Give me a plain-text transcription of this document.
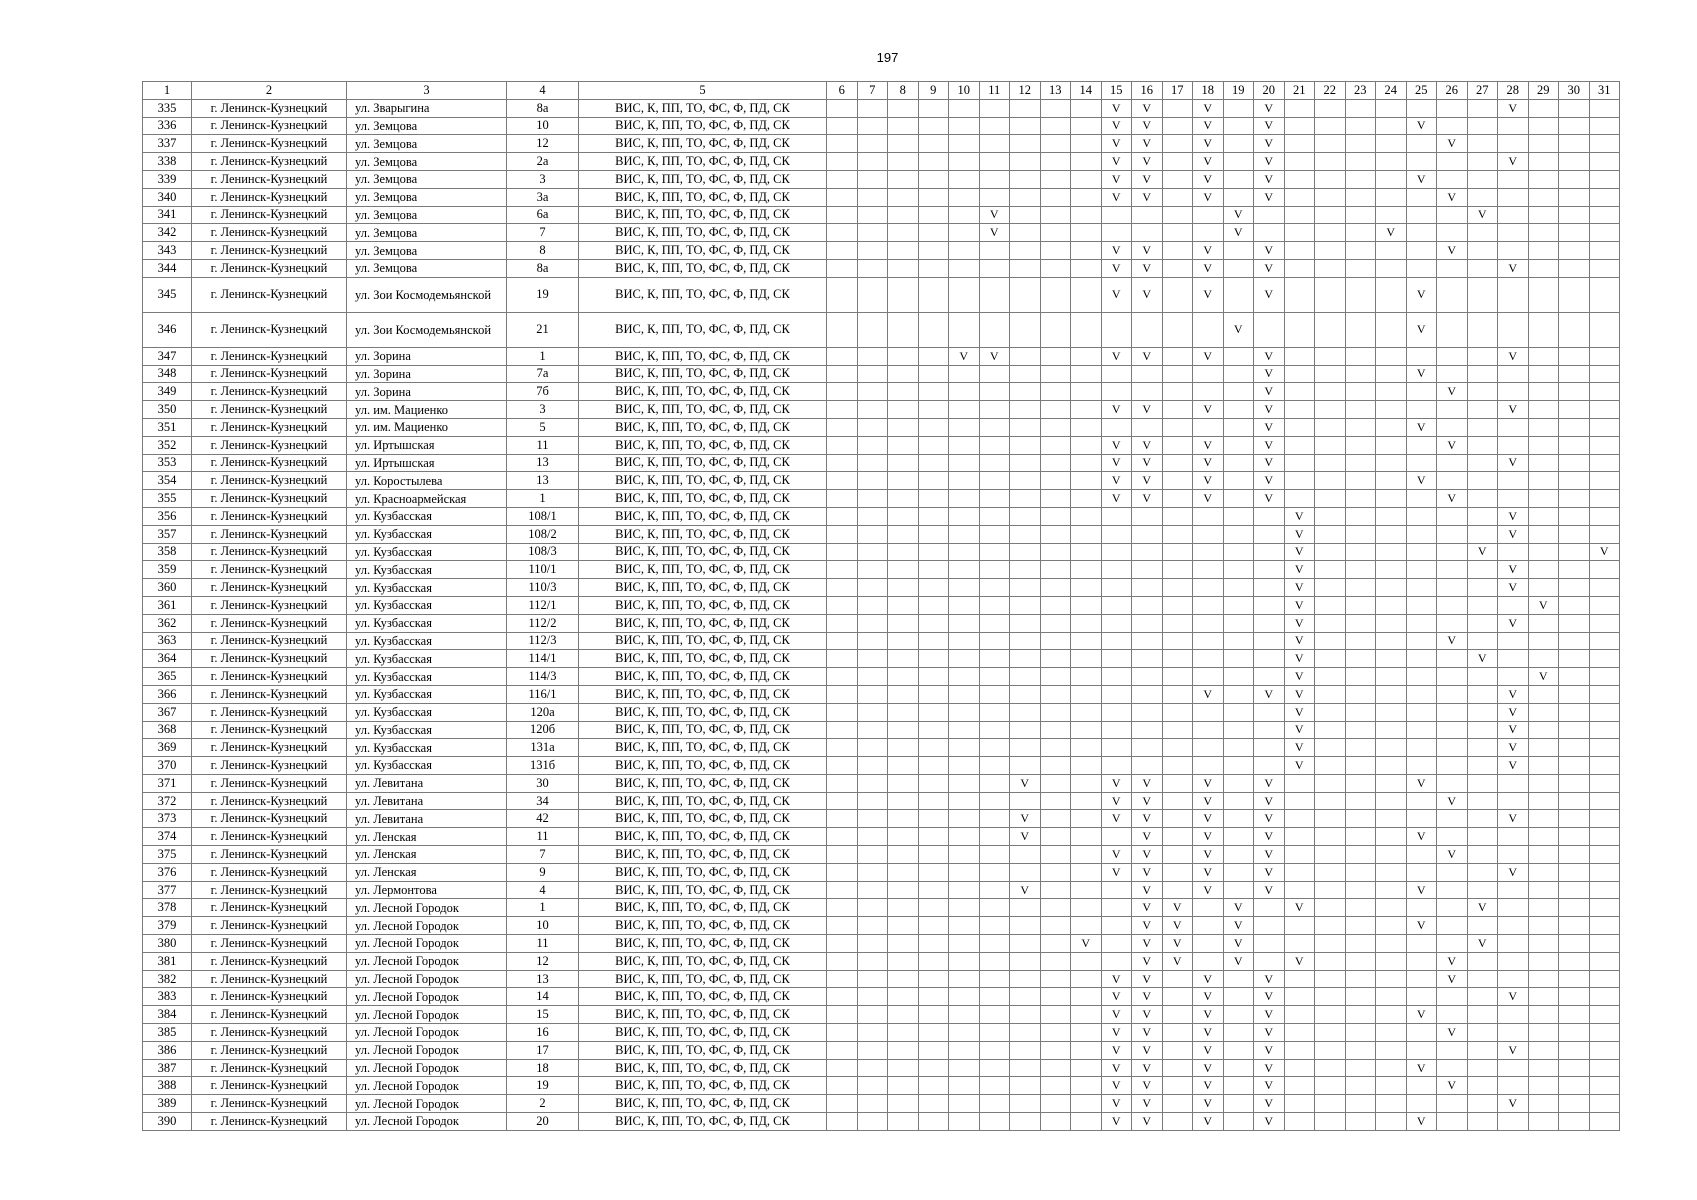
197
1	2	3	4	5	6	7	8	9	10	11	12	13	14	15	16	17	18	19	20	21	22	23	24	25	26	27	28	29	30	31
335	г. Ленинск-Кузнецкий	ул. Зварыгина	8а	ВИС, К, ПП, ТО, ФС, Ф, ПД, СК										V	V		V		V								V			
336	г. Ленинск-Кузнецкий	ул. Земцова	10	ВИС, К, ПП, ТО, ФС, Ф, ПД, СК										V	V		V		V					V						
337	г. Ленинск-Кузнецкий	ул. Земцова	12	ВИС, К, ПП, ТО, ФС, Ф, ПД, СК										V	V		V		V						V					
338	г. Ленинск-Кузнецкий	ул. Земцова	2а	ВИС, К, ПП, ТО, ФС, Ф, ПД, СК										V	V		V		V								V			
339	г. Ленинск-Кузнецкий	ул. Земцова	3	ВИС, К, ПП, ТО, ФС, Ф, ПД, СК										V	V		V		V					V						
340	г. Ленинск-Кузнецкий	ул. Земцова	3а	ВИС, К, ПП, ТО, ФС, Ф, ПД, СК										V	V		V		V						V					
341	г. Ленинск-Кузнецкий	ул. Земцова	6а	ВИС, К, ПП, ТО, ФС, Ф, ПД, СК						V								V								V				
342	г. Ленинск-Кузнецкий	ул. Земцова	7	ВИС, К, ПП, ТО, ФС, Ф, ПД, СК						V								V					V							
343	г. Ленинск-Кузнецкий	ул. Земцова	8	ВИС, К, ПП, ТО, ФС, Ф, ПД, СК										V	V		V		V						V					
344	г. Ленинск-Кузнецкий	ул. Земцова	8а	ВИС, К, ПП, ТО, ФС, Ф, ПД, СК										V	V		V		V								V			
345	г. Ленинск-Кузнецкий	ул. Зои Космодемьянской	19	ВИС, К, ПП, ТО, ФС, Ф, ПД, СК										V	V		V		V					V						
346	г. Ленинск-Кузнецкий	ул. Зои Космодемьянской	21	ВИС, К, ПП, ТО, ФС, Ф, ПД, СК														V						V						
347	г. Ленинск-Кузнецкий	ул. Зорина	1	ВИС, К, ПП, ТО, ФС, Ф, ПД, СК					V	V				V	V		V		V								V			
348	г. Ленинск-Кузнецкий	ул. Зорина	7а	ВИС, К, ПП, ТО, ФС, Ф, ПД, СК															V					V						
349	г. Ленинск-Кузнецкий	ул. Зорина	7б	ВИС, К, ПП, ТО, ФС, Ф, ПД, СК															V						V					
350	г. Ленинск-Кузнецкий	ул. им. Мациенко	3	ВИС, К, ПП, ТО, ФС, Ф, ПД, СК										V	V		V		V								V			
351	г. Ленинск-Кузнецкий	ул. им. Мациенко	5	ВИС, К, ПП, ТО, ФС, Ф, ПД, СК															V					V						
352	г. Ленинск-Кузнецкий	ул. Иртышская	11	ВИС, К, ПП, ТО, ФС, Ф, ПД, СК										V	V		V		V						V					
353	г. Ленинск-Кузнецкий	ул. Иртышская	13	ВИС, К, ПП, ТО, ФС, Ф, ПД, СК										V	V		V		V								V			
354	г. Ленинск-Кузнецкий	ул. Коростылева	13	ВИС, К, ПП, ТО, ФС, Ф, ПД, СК										V	V		V		V					V						
355	г. Ленинск-Кузнецкий	ул. Красноармейская	1	ВИС, К, ПП, ТО, ФС, Ф, ПД, СК										V	V		V		V						V					
356	г. Ленинск-Кузнецкий	ул. Кузбасская	108/1	ВИС, К, ПП, ТО, ФС, Ф, ПД, СК																V							V			
357	г. Ленинск-Кузнецкий	ул. Кузбасская	108/2	ВИС, К, ПП, ТО, ФС, Ф, ПД, СК																V							V			
358	г. Ленинск-Кузнецкий	ул. Кузбасская	108/3	ВИС, К, ПП, ТО, ФС, Ф, ПД, СК																V						V				V
359	г. Ленинск-Кузнецкий	ул. Кузбасская	110/1	ВИС, К, ПП, ТО, ФС, Ф, ПД, СК																V							V			
360	г. Ленинск-Кузнецкий	ул. Кузбасская	110/3	ВИС, К, ПП, ТО, ФС, Ф, ПД, СК																V							V			
361	г. Ленинск-Кузнецкий	ул. Кузбасская	112/1	ВИС, К, ПП, ТО, ФС, Ф, ПД, СК																V								V		
362	г. Ленинск-Кузнецкий	ул. Кузбасская	112/2	ВИС, К, ПП, ТО, ФС, Ф, ПД, СК																V							V			
363	г. Ленинск-Кузнецкий	ул. Кузбасская	112/3	ВИС, К, ПП, ТО, ФС, Ф, ПД, СК																V					V					
364	г. Ленинск-Кузнецкий	ул. Кузбасская	114/1	ВИС, К, ПП, ТО, ФС, Ф, ПД, СК																V						V				
365	г. Ленинск-Кузнецкий	ул. Кузбасская	114/3	ВИС, К, ПП, ТО, ФС, Ф, ПД, СК																V								V		
366	г. Ленинск-Кузнецкий	ул. Кузбасская	116/1	ВИС, К, ПП, ТО, ФС, Ф, ПД, СК													V		V	V							V			
367	г. Ленинск-Кузнецкий	ул. Кузбасская	120а	ВИС, К, ПП, ТО, ФС, Ф, ПД, СК																V							V			
368	г. Ленинск-Кузнецкий	ул. Кузбасская	120б	ВИС, К, ПП, ТО, ФС, Ф, ПД, СК																V							V			
369	г. Ленинск-Кузнецкий	ул. Кузбасская	131а	ВИС, К, ПП, ТО, ФС, Ф, ПД, СК																V							V			
370	г. Ленинск-Кузнецкий	ул. Кузбасская	131б	ВИС, К, ПП, ТО, ФС, Ф, ПД, СК																V							V			
371	г. Ленинск-Кузнецкий	ул. Левитана	30	ВИС, К, ПП, ТО, ФС, Ф, ПД, СК							V			V	V		V		V					V						
372	г. Ленинск-Кузнецкий	ул. Левитана	34	ВИС, К, ПП, ТО, ФС, Ф, ПД, СК										V	V		V		V						V					
373	г. Ленинск-Кузнецкий	ул. Левитана	42	ВИС, К, ПП, ТО, ФС, Ф, ПД, СК							V			V	V		V		V								V			
374	г. Ленинск-Кузнецкий	ул. Ленская	11	ВИС, К, ПП, ТО, ФС, Ф, ПД, СК							V				V		V		V					V						
375	г. Ленинск-Кузнецкий	ул. Ленская	7	ВИС, К, ПП, ТО, ФС, Ф, ПД, СК										V	V		V		V						V					
376	г. Ленинск-Кузнецкий	ул. Ленская	9	ВИС, К, ПП, ТО, ФС, Ф, ПД, СК										V	V		V		V								V			
377	г. Ленинск-Кузнецкий	ул. Лермонтова	4	ВИС, К, ПП, ТО, ФС, Ф, ПД, СК							V				V		V		V					V						
378	г. Ленинск-Кузнецкий	ул. Лесной Городок	1	ВИС, К, ПП, ТО, ФС, Ф, ПД, СК											V	V		V		V						V				
379	г. Ленинск-Кузнецкий	ул. Лесной Городок	10	ВИС, К, ПП, ТО, ФС, Ф, ПД, СК											V	V		V						V						
380	г. Ленинск-Кузнецкий	ул. Лесной Городок	11	ВИС, К, ПП, ТО, ФС, Ф, ПД, СК									V		V	V		V								V				
381	г. Ленинск-Кузнецкий	ул. Лесной Городок	12	ВИС, К, ПП, ТО, ФС, Ф, ПД, СК											V	V		V		V					V					
382	г. Ленинск-Кузнецкий	ул. Лесной Городок	13	ВИС, К, ПП, ТО, ФС, Ф, ПД, СК										V	V		V		V						V					
383	г. Ленинск-Кузнецкий	ул. Лесной Городок	14	ВИС, К, ПП, ТО, ФС, Ф, ПД, СК										V	V		V		V								V			
384	г. Ленинск-Кузнецкий	ул. Лесной Городок	15	ВИС, К, ПП, ТО, ФС, Ф, ПД, СК										V	V		V		V					V						
385	г. Ленинск-Кузнецкий	ул. Лесной Городок	16	ВИС, К, ПП, ТО, ФС, Ф, ПД, СК										V	V		V		V						V					
386	г. Ленинск-Кузнецкий	ул. Лесной Городок	17	ВИС, К, ПП, ТО, ФС, Ф, ПД, СК										V	V		V		V								V			
387	г. Ленинск-Кузнецкий	ул. Лесной Городок	18	ВИС, К, ПП, ТО, ФС, Ф, ПД, СК										V	V		V		V					V						
388	г. Ленинск-Кузнецкий	ул. Лесной Городок	19	ВИС, К, ПП, ТО, ФС, Ф, ПД, СК										V	V		V		V						V					
389	г. Ленинск-Кузнецкий	ул. Лесной Городок	2	ВИС, К, ПП, ТО, ФС, Ф, ПД, СК										V	V		V		V								V			
390	г. Ленинск-Кузнецкий	ул. Лесной Городок	20	ВИС, К, ПП, ТО, ФС, Ф, ПД, СК										V	V		V		V					V						
